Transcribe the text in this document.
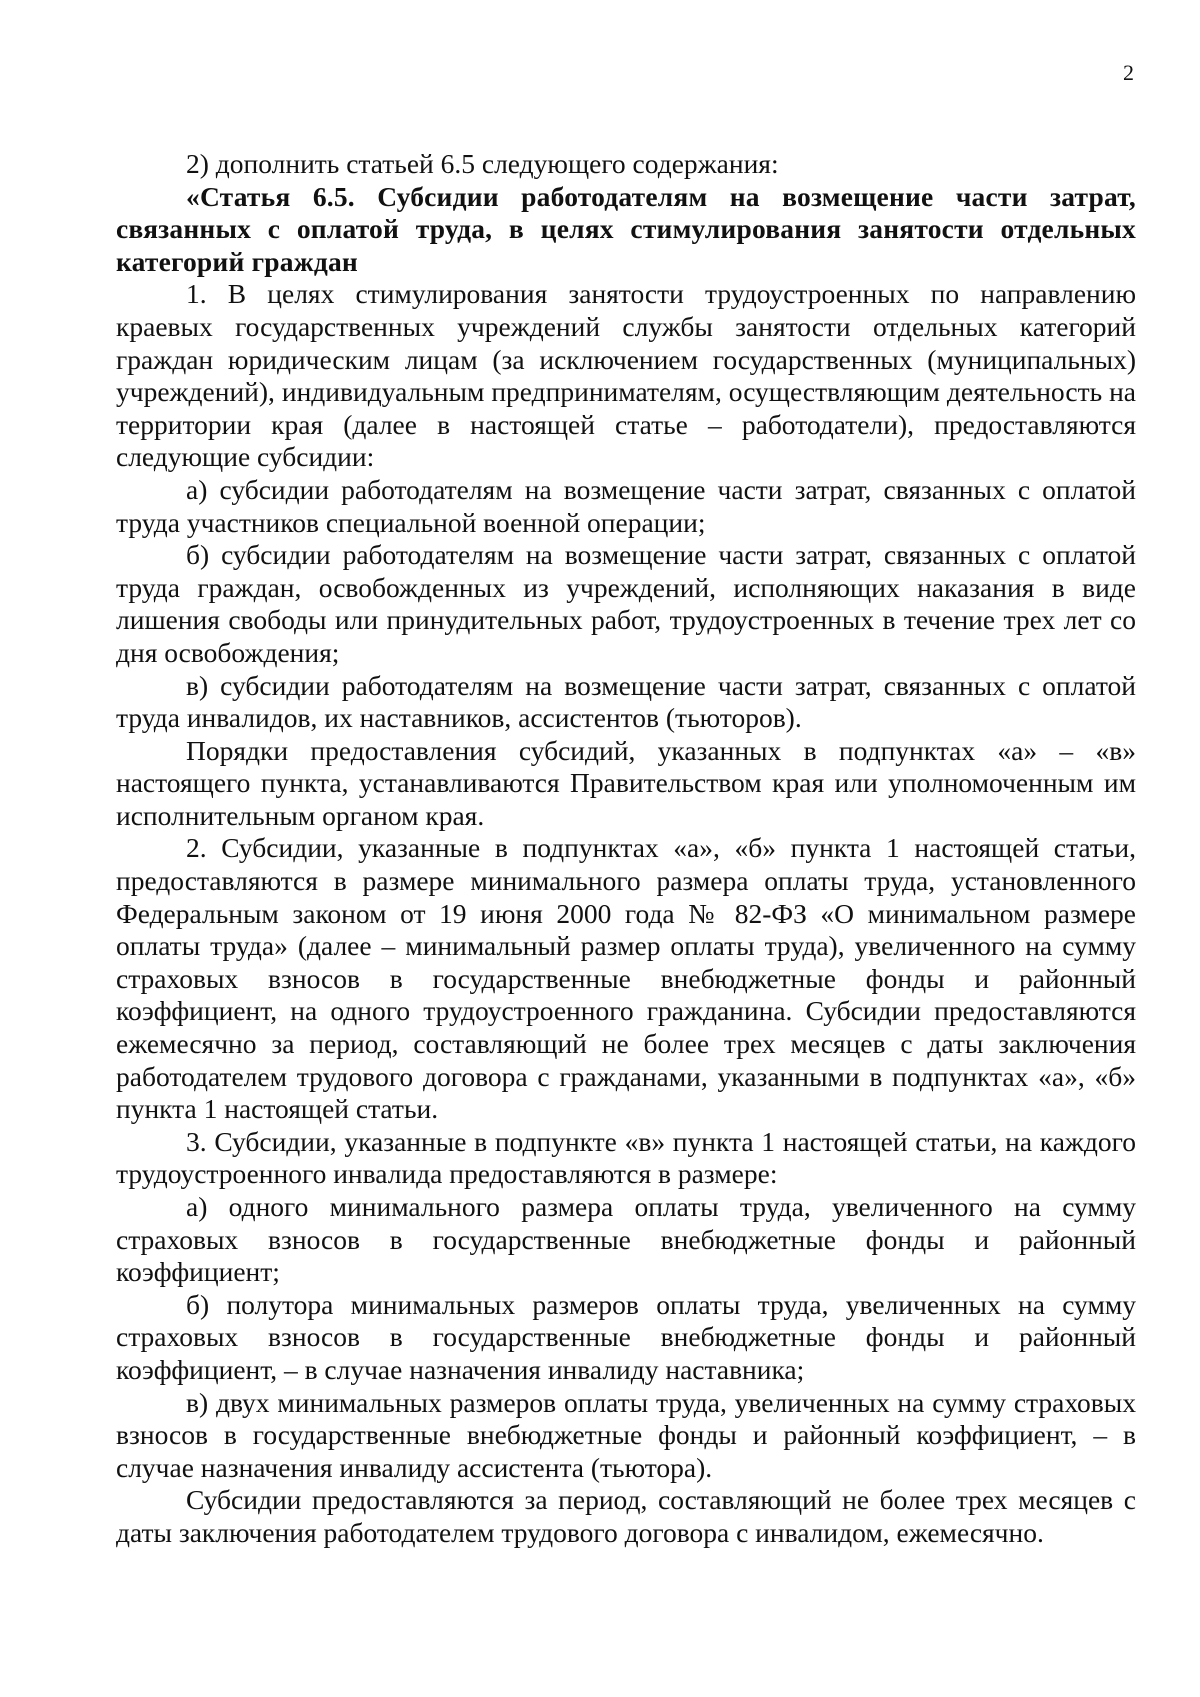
2

2) дополнить статьей 6.5 следующего содержания:

«Статья 6.5. Субсидии работодателям на возмещение части затрат, связанных с оплатой труда, в целях стимулирования занятости отдельных категорий граждан

1. В целях стимулирования занятости трудоустроенных по направлению краевых государственных учреждений службы занятости отдельных категорий граждан юридическим лицам (за исключением государственных (муниципальных) учреждений), индивидуальным предпринимателям, осуществляющим деятельность на территории края (далее в настоящей статье – работодатели), предоставляются следующие субсидии:

а) субсидии работодателям на возмещение части затрат, связанных с оплатой труда участников специальной военной операции;

б) субсидии работодателям на возмещение части затрат, связанных с оплатой труда граждан, освобожденных из учреждений, исполняющих наказания в виде лишения свободы или принудительных работ, трудоустроенных в течение трех лет со дня освобождения;

в) субсидии работодателям на возмещение части затрат, связанных с оплатой труда инвалидов, их наставников, ассистентов (тьюторов).

Порядки предоставления субсидий, указанных в подпунктах «а» – «в» настоящего пункта, устанавливаются Правительством края или уполномоченным им исполнительным органом края.

2. Субсидии, указанные в подпунктах «а», «б» пункта 1 настоящей статьи, предоставляются в размере минимального размера оплаты труда, установленного Федеральным законом от 19 июня 2000 года № 82-ФЗ «О минимальном размере оплаты труда» (далее – минимальный размер оплаты труда), увеличенного на сумму страховых взносов в государственные внебюджетные фонды и районный коэффициент, на одного трудоустроенного гражданина. Субсидии предоставляются ежемесячно за период, составляющий не более трех месяцев с даты заключения работодателем трудового договора с гражданами, указанными в подпунктах «а», «б» пункта 1 настоящей статьи.

3. Субсидии, указанные в подпункте «в» пункта 1 настоящей статьи, на каждого трудоустроенного инвалида предоставляются в размере:

а) одного минимального размера оплаты труда, увеличенного на сумму страховых взносов в государственные внебюджетные фонды и районный коэффициент;

б) полутора минимальных размеров оплаты труда, увеличенных на сумму страховых взносов в государственные внебюджетные фонды и районный коэффициент, – в случае назначения инвалиду наставника;

в) двух минимальных размеров оплаты труда, увеличенных на сумму страховых взносов в государственные внебюджетные фонды и районный коэффициент, – в случае назначения инвалиду ассистента (тьютора).

Субсидии предоставляются за период, составляющий не более трех месяцев с даты заключения работодателем трудового договора с инвалидом, ежемесячно.
